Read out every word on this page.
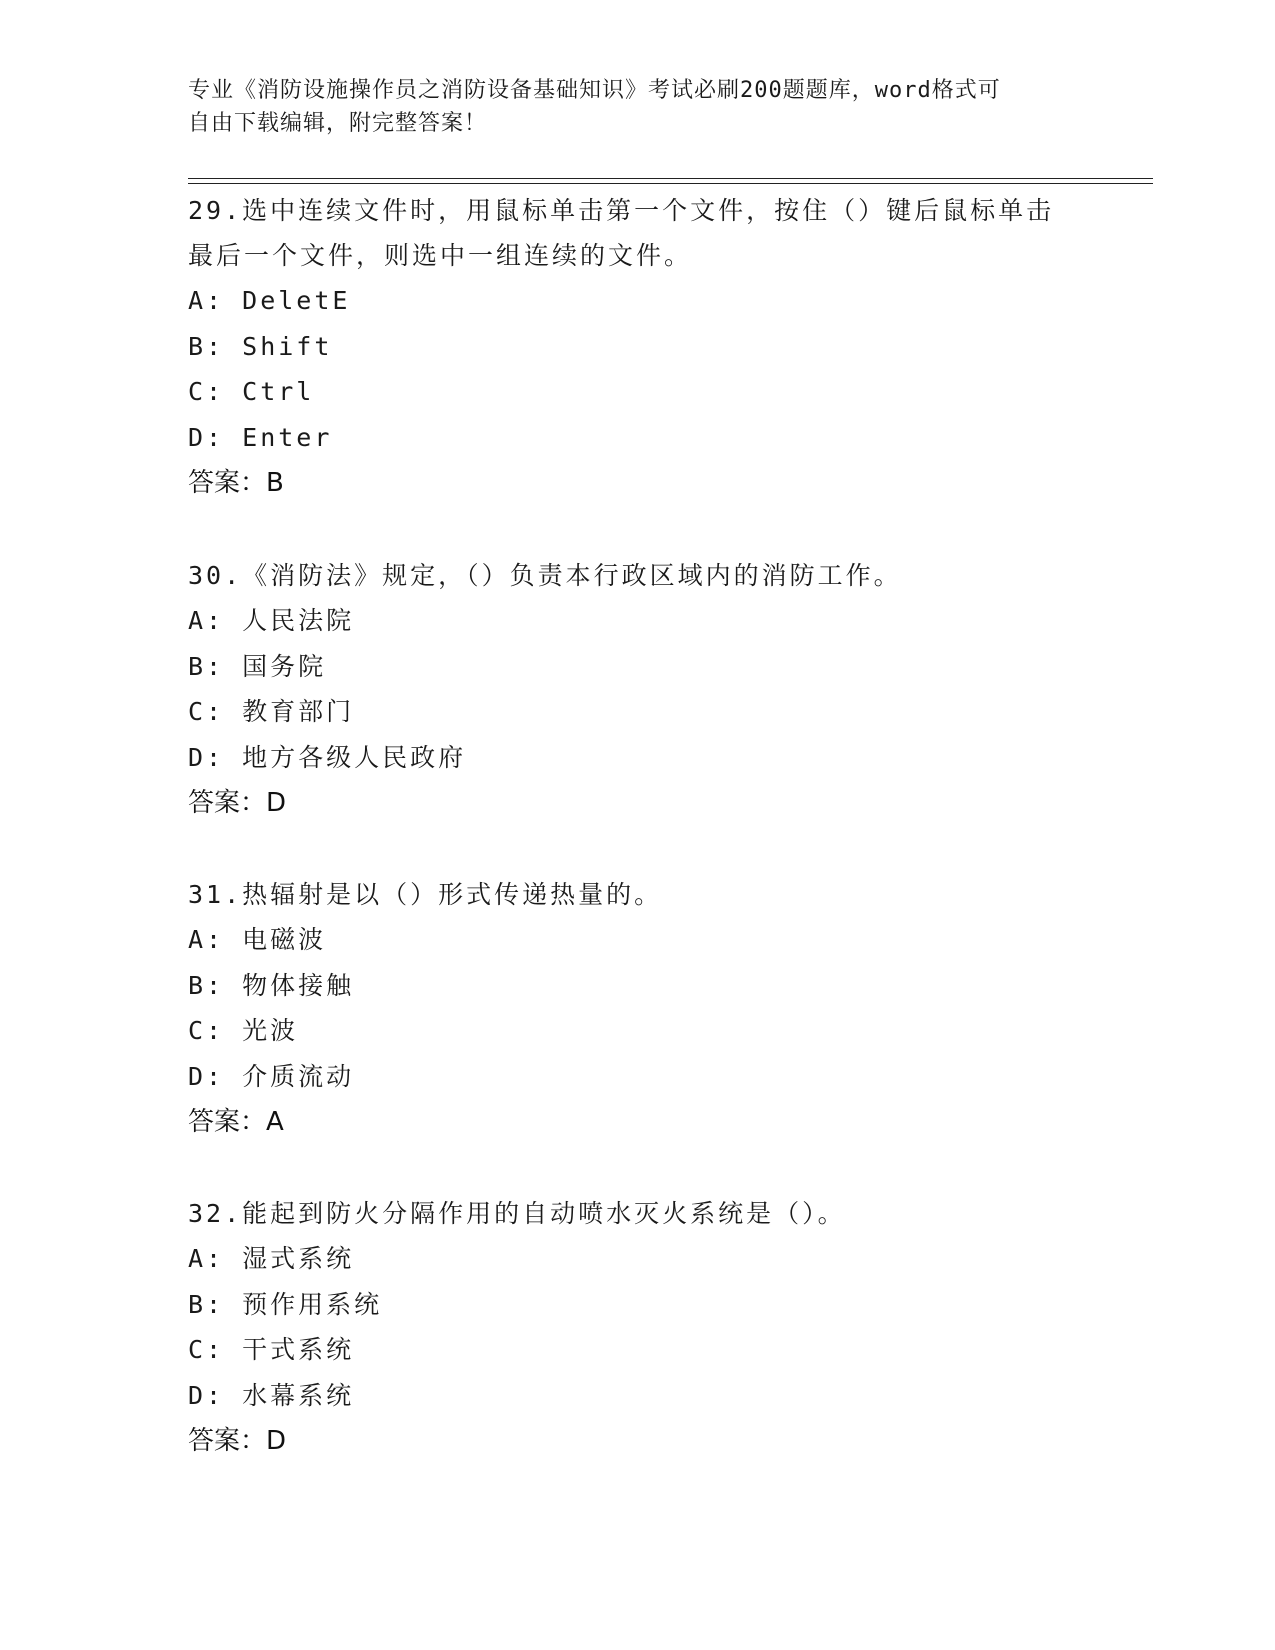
专业《消防设施操作员之消防设备基础知识》考试必刷200题题库，word格式可
自由下载编辑，附完整答案！

29.选中连续文件时，用鼠标单击第一个文件，按住（）键后鼠标单击

最后一个文件，则选中一组连续的文件。

A: DeletE

B: Shift

C: Ctrl

D: Enter

答案：B

30.《消防法》规定，（）负责本行政区域内的消防工作。

A: 人民法院

B: 国务院

C: 教育部门

D: 地方各级人民政府

答案：D

31.热辐射是以（）形式传递热量的。

A: 电磁波

B: 物体接触

C: 光波

D: 介质流动

答案：A

32.能起到防火分隔作用的自动喷水灭火系统是（）。

A: 湿式系统

B: 预作用系统

C: 干式系统

D: 水幕系统

答案：D
